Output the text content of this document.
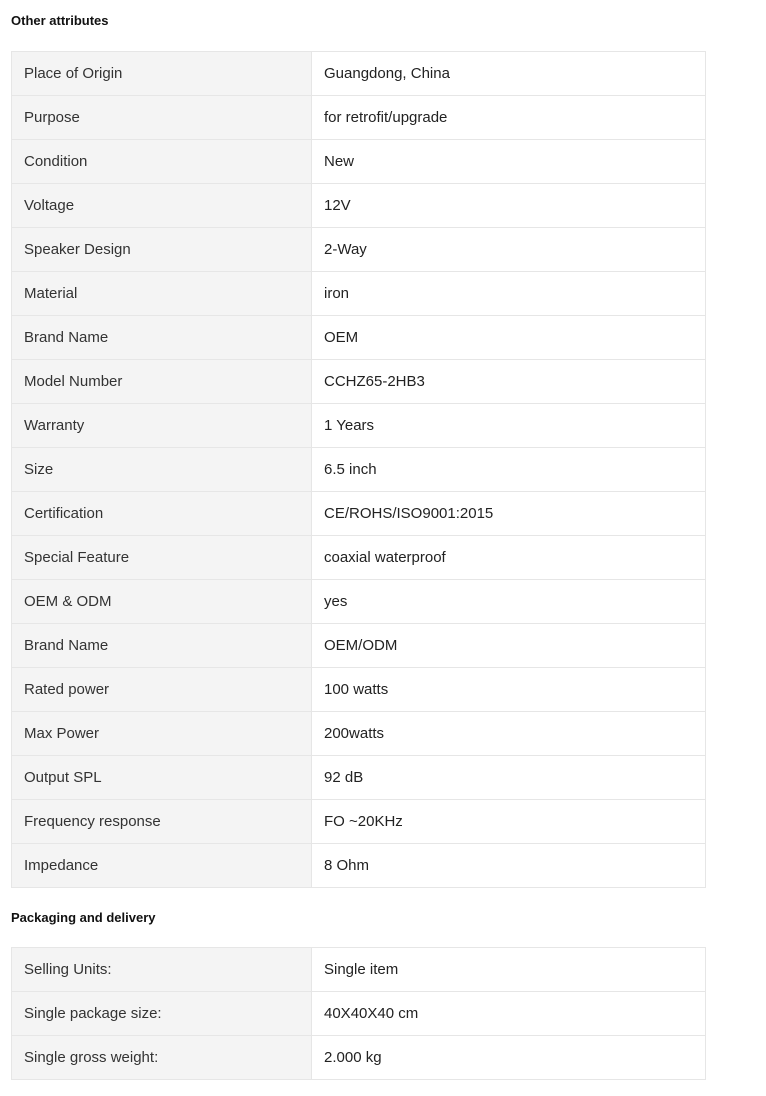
Other attributes
Place of Origin	Guangdong, China
Purpose	for retrofit/upgrade
Condition	New
Voltage	12V
Speaker Design	2-Way
Material	iron
Brand Name	OEM
Model Number	CCHZ65-2HB3
Warranty	1 Years
Size	6.5 inch
Certification	CE/ROHS/ISO9001:2015
Special Feature	coaxial waterproof
OEM & ODM	yes
Brand Name	OEM/ODM
Rated power	100 watts
Max Power	200watts
Output SPL	92 dB
Frequency response	FO ~20KHz
Impedance	8 Ohm
Packaging and delivery
Selling Units:	Single item
Single package size:	40X40X40 cm
Single gross weight:	2.000 kg
